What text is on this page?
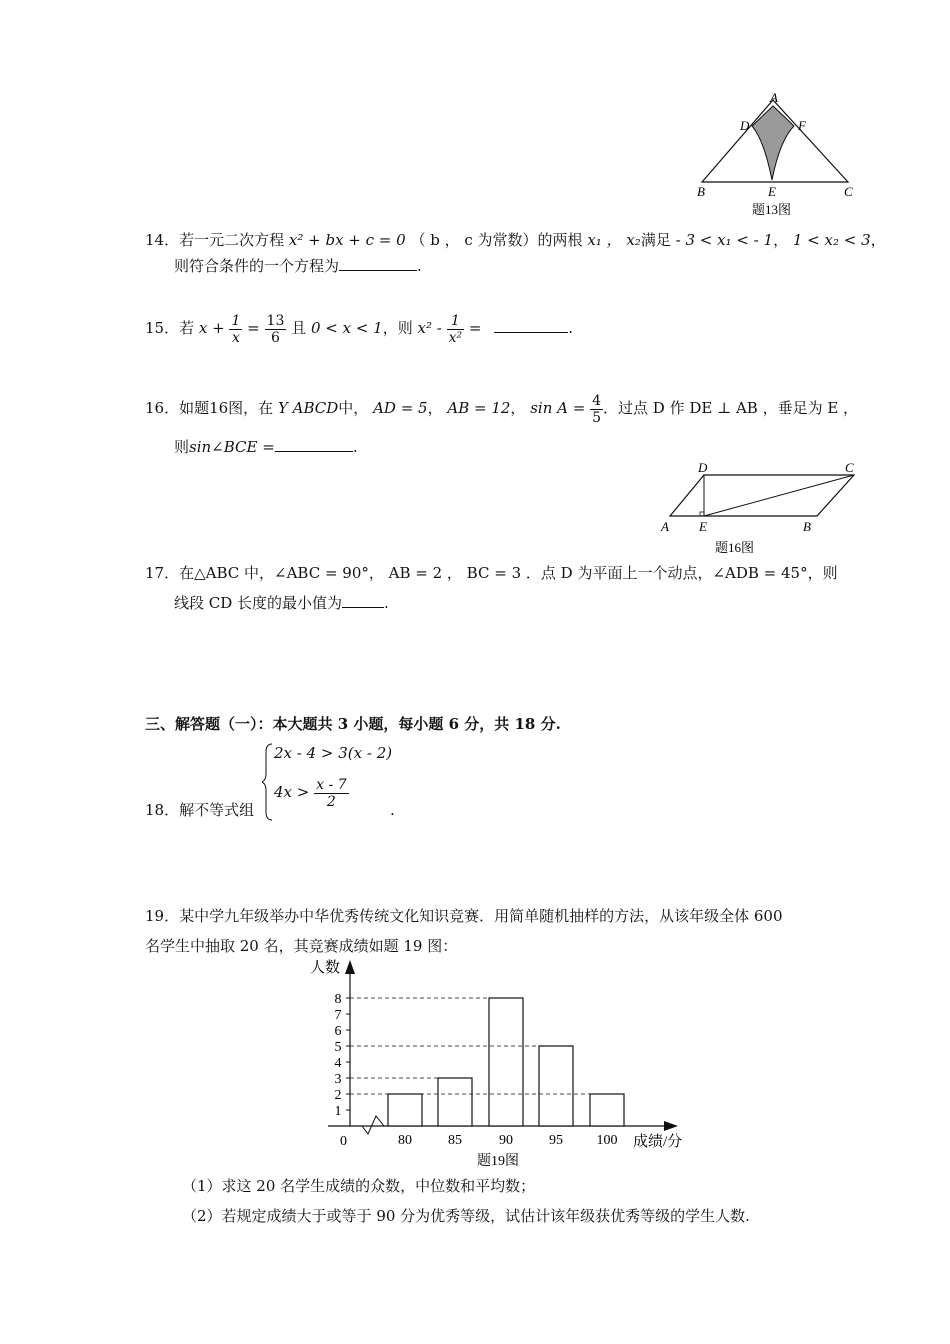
A
D	F
B	E	C
题13图
14．若一元二次方程 x² + bx + c = 0 （ b ， c 为常数）的两根 x₁ ， x₂满足 - 3 < x₁ < - 1， 1 < x₂ < 3，
则符合条件的一个方程为	.
15．若 $x + \frac{1}{x} = \frac{13}{6}$ 且 0 < x < 1，则 $x^2 - \frac{1}{\text{x²}}$ =	.
16．如题16图，在 Y ABCD中， AD = 5， AB = 12， $\sin A = \frac{4}{5}$ ．过点 D 作 DE ⊥ AB ，垂足为 E ，
则sin∠BCE =	.
D	C
A E	B
题16图
17．在△ABC 中，∠ABC = 90°， AB = 2 ， BC = 3 ．点 D 为平面上一个动点，∠ADB = 45°，则
线段 CD 长度的最小值为	.
三、解答题（一）：本大题共 3 小题，每小题 6 分，共 18 分.
2x - 4 > 3(x - 2)
$4x > \frac{x - 7}{2}$
18．解不等式组	.
19．某中学九年级举办中华优秀传统文化知识竞赛．用简单随机抽样的方法，从该年级全体 600
名学生中抽取 20 名，其竞赛成绩如题 19 图：
人数
成绩/分
0
1
2
3
4
5
6
7
8
80	85	90	95 100
题19图
（1）求这 20 名学生成绩的众数，中位数和平均数；
（2）若规定成绩大于或等于 90 分为优秀等级，试估计该年级获优秀等级的学生人数.
